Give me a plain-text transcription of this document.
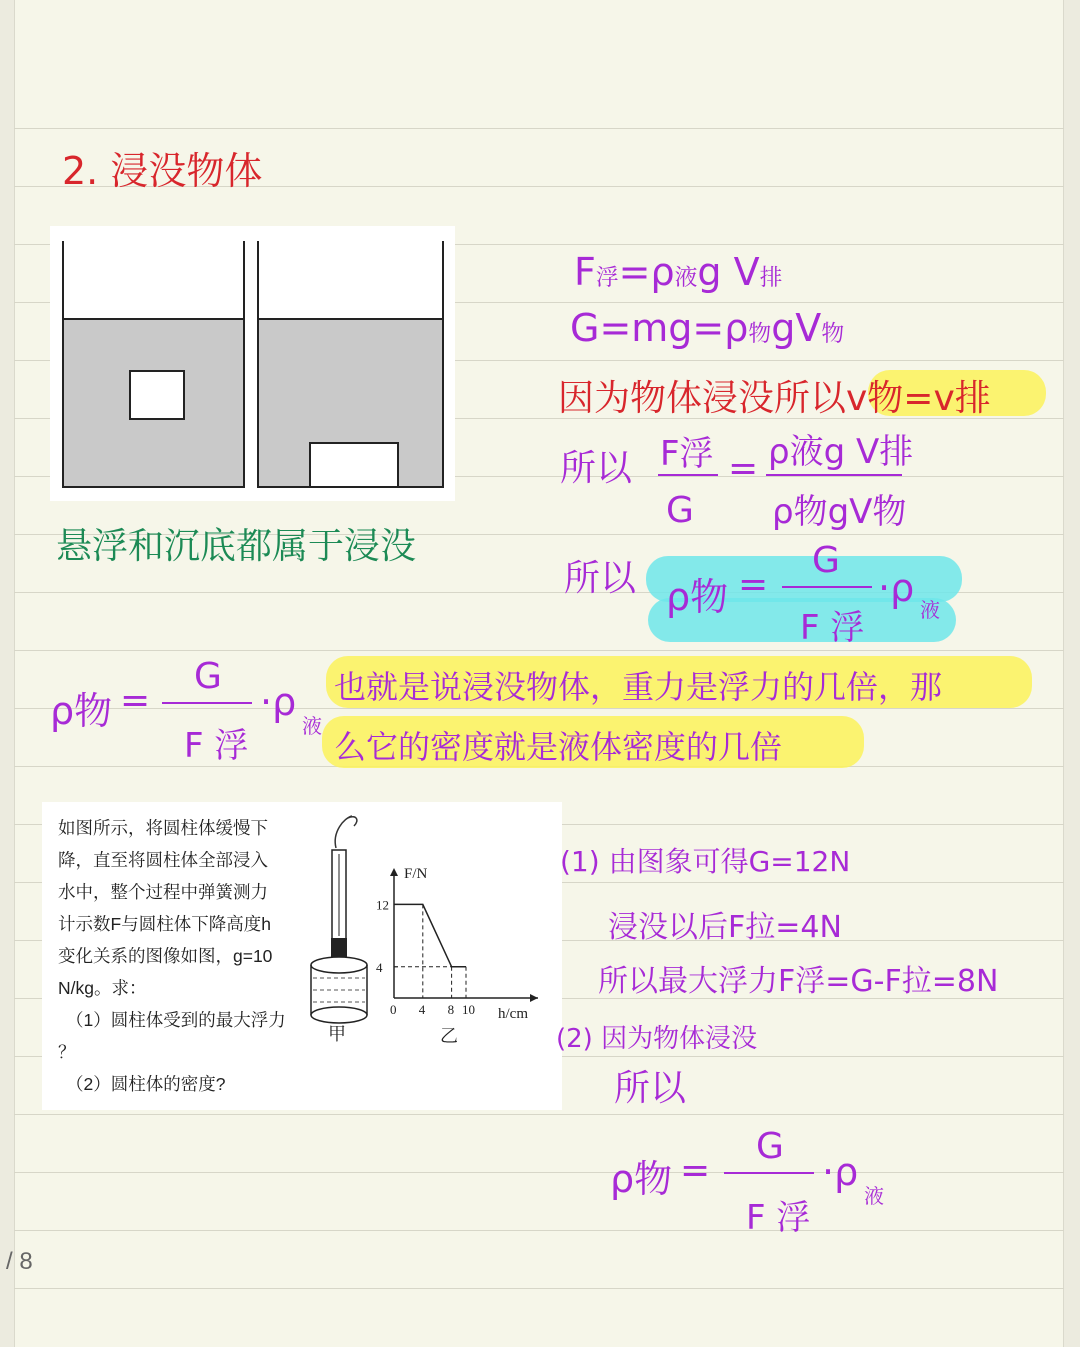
2. 浸没物体
悬浮和沉底都属于浸没
F浮=ρ液g V排
G=mg=ρ物gV物
因为物体浸没所以v物=v排
所以 F浮
G
= ρ液g V排
ρ物gV物
所以 ρ物 =
G
F 浮
·ρ 液
ρ物 =
G
F 浮
·ρ
液
也就是说浸没物体，重力是浮力的几倍，那
么它的密度就是液体密度的几倍
如图所示，将圆柱体缓慢下
降，直至将圆柱体全部浸入
水中，整个过程中弹簧测力
计示数F与圆柱体下降高度h
变化关系的图像如图，g=10
N/kg。求：
（1）圆柱体受到的最大浮力
？
（2）圆柱体的密度?
甲
F/N
h/cm
0 4 8 10
4
12
乙
(1) 由图象可得G=12N
浸没以后F拉=4N
所以最大浮力F浮=G-F拉=8N
(2) 因为物体浸没
所以
ρ物 =
G
F 浮
·ρ
液
/ 8
